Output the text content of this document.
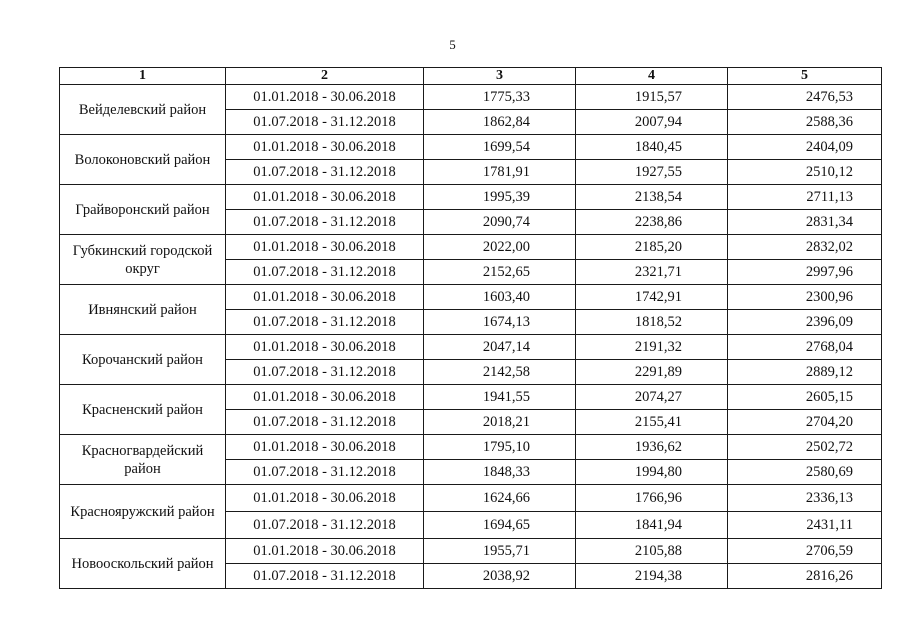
5
1	2	3	4	5
Вейделевский район	01.01.2018 - 30.06.2018	1775,33	1915,57	2476,53
	01.07.2018 - 31.12.2018	1862,84	2007,94	2588,36
Волоконовский район	01.01.2018 - 30.06.2018	1699,54	1840,45	2404,09
	01.07.2018 - 31.12.2018	1781,91	1927,55	2510,12
Грайворонский район	01.01.2018 - 30.06.2018	1995,39	2138,54	2711,13
	01.07.2018 - 31.12.2018	2090,74	2238,86	2831,34
Губкинский городской округ	01.01.2018 - 30.06.2018	2022,00	2185,20	2832,02
	01.07.2018 - 31.12.2018	2152,65	2321,71	2997,96
Ивнянский район	01.01.2018 - 30.06.2018	1603,40	1742,91	2300,96
	01.07.2018 - 31.12.2018	1674,13	1818,52	2396,09
Корочанский район	01.01.2018 - 30.06.2018	2047,14	2191,32	2768,04
	01.07.2018 - 31.12.2018	2142,58	2291,89	2889,12
Красненский район	01.01.2018 - 30.06.2018	1941,55	2074,27	2605,15
	01.07.2018 - 31.12.2018	2018,21	2155,41	2704,20
Красногвардейский район	01.01.2018 - 30.06.2018	1795,10	1936,62	2502,72
	01.07.2018 - 31.12.2018	1848,33	1994,80	2580,69
Краснояружский район	01.01.2018 - 30.06.2018	1624,66	1766,96	2336,13
	01.07.2018 - 31.12.2018	1694,65	1841,94	2431,11
Новооскольский район	01.01.2018 - 30.06.2018	1955,71	2105,88	2706,59
	01.07.2018 - 31.12.2018	2038,92	2194,38	2816,26
